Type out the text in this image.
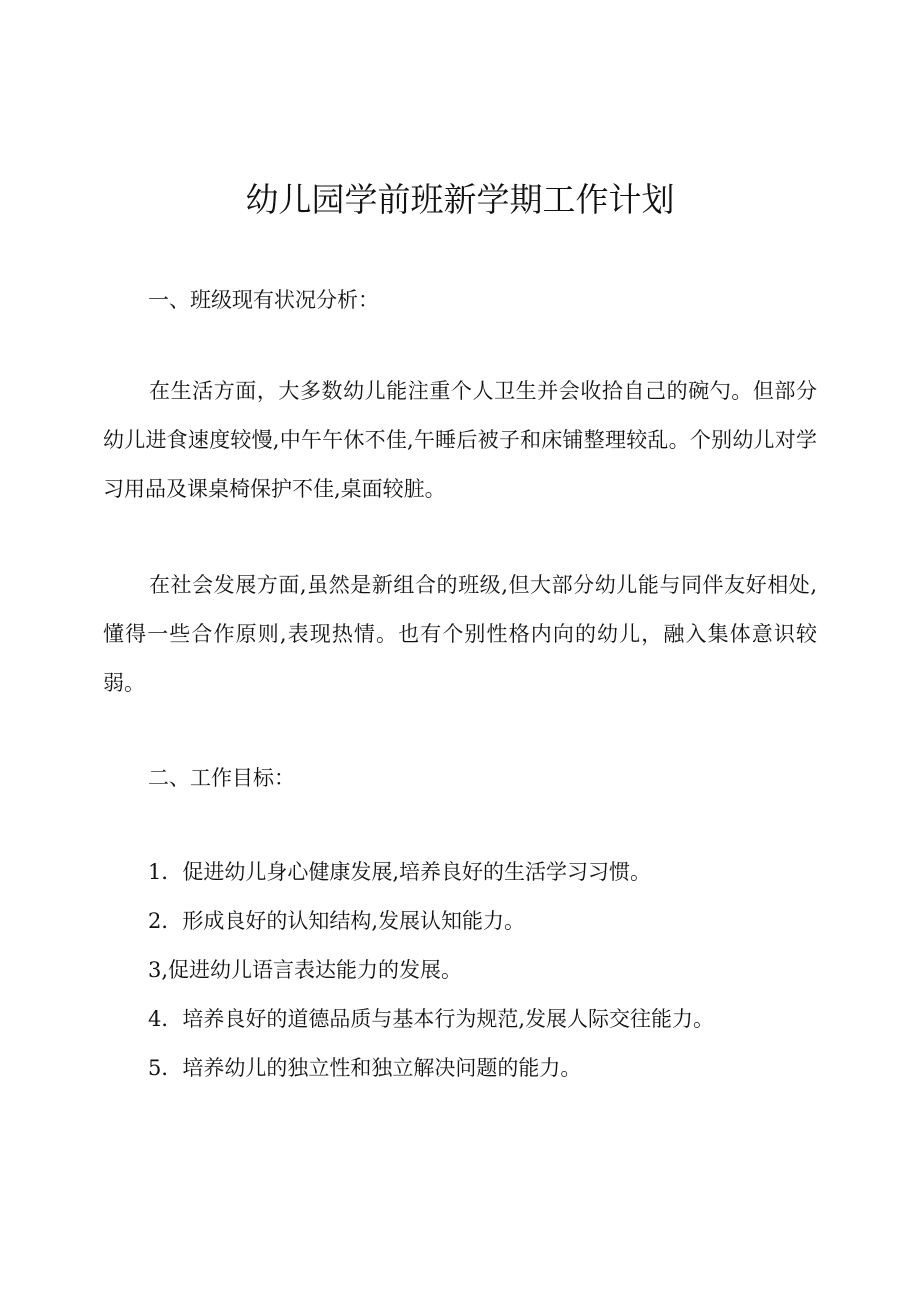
幼儿园学前班新学期工作计划

一、班级现有状况分析：

在生活方面，大多数幼儿能注重个人卫生并会收拾自己的碗勺。但部分幼儿进食速度较慢,中午午休不佳,午睡后被子和床铺整理较乱。个别幼儿对学习用品及课桌椅保护不佳,桌面较脏。

在社会发展方面,虽然是新组合的班级,但大部分幼儿能与同伴友好相处,懂得一些合作原则,表现热情。也有个别性格内向的幼儿，融入集体意识较弱。

二、工作目标：

1．促进幼儿身心健康发展,培养良好的生活学习习惯。

2．形成良好的认知结构,发展认知能力。

3,促进幼儿语言表达能力的发展。

4．培养良好的道德品质与基本行为规范,发展人际交往能力。

5．培养幼儿的独立性和独立解决问题的能力。
